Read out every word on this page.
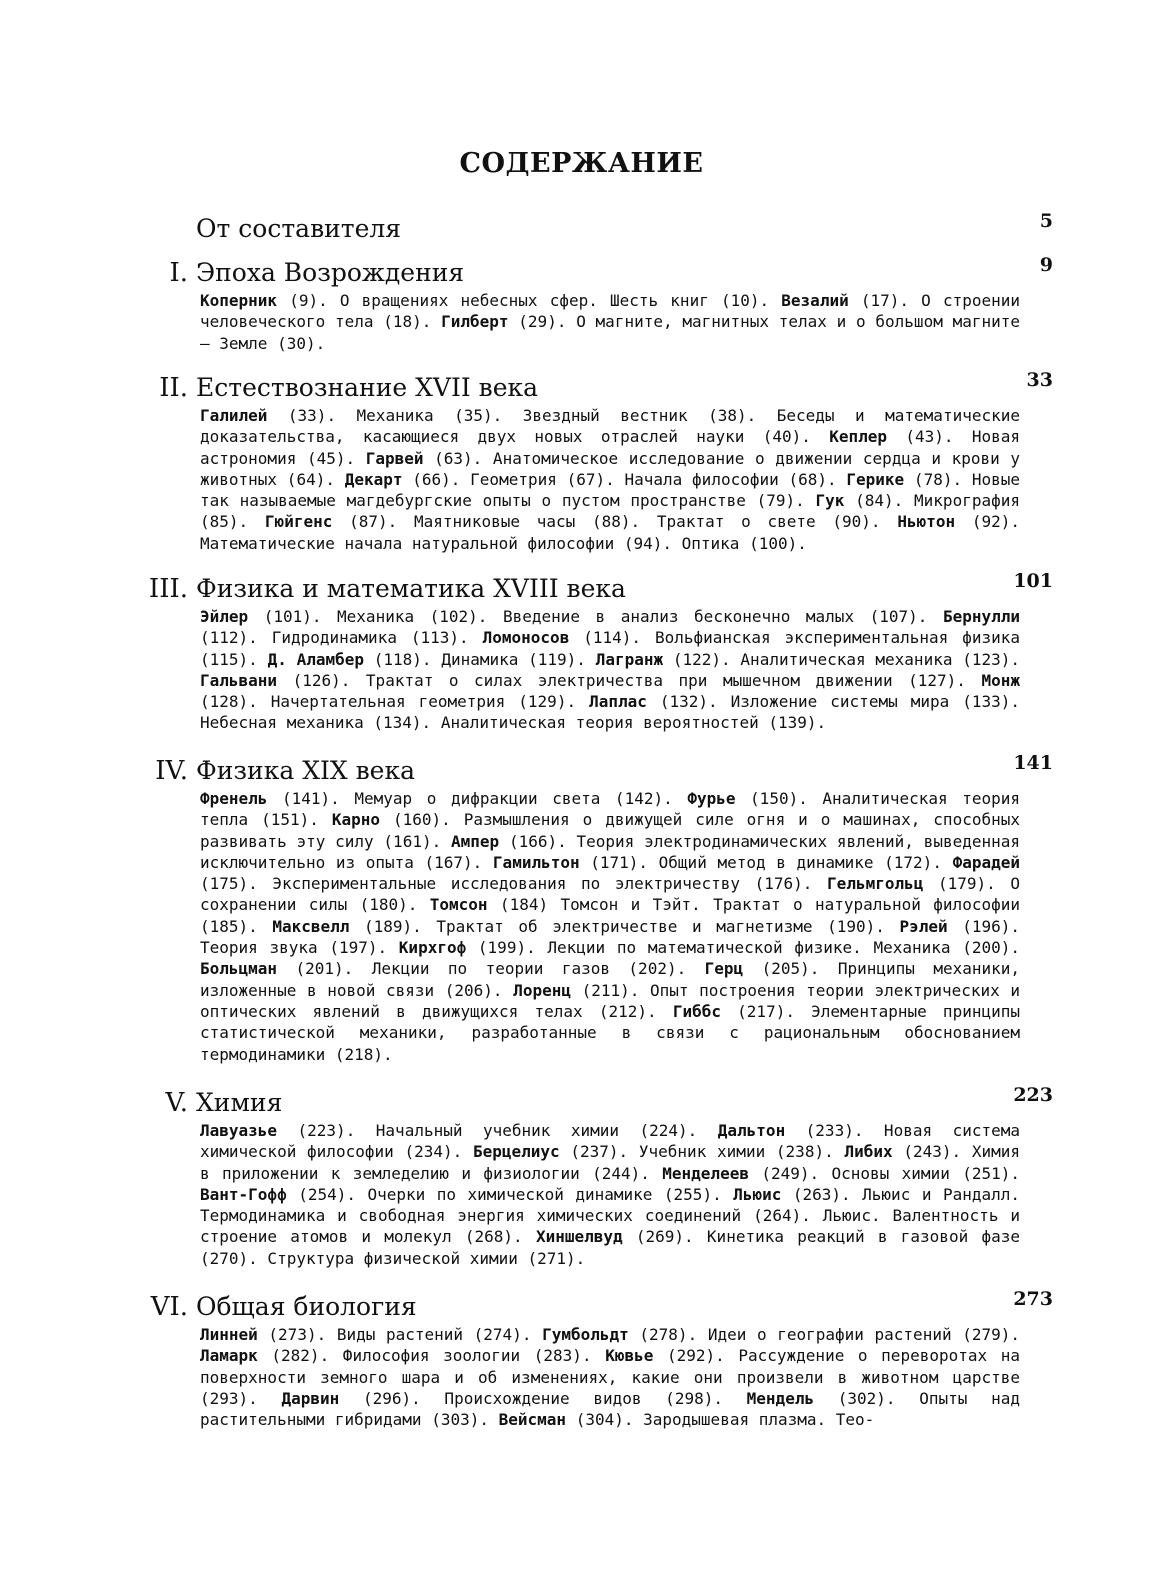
СОДЕРЖАНИЕ
От составителя	5
I. Эпоха Возрождения	9
Коперник (9). О вращениях небесных сфер. Шесть книг (10). Везалий (17). О строении человеческого тела (18). Гилберт (29). О магните, магнитных телах и о большом магните — Земле (30).
II. Естествознание XVII века	33
Галилей (33). Механика (35). Звездный вестник (38). Беседы и математические доказательства, касающиеся двух новых отраслей науки (40). Кеплер (43). Новая астрономия (45). Гарвей (63). Анатомическое исследование о движении сердца и крови у животных (64). Декарт (66). Геометрия (67). Начала философии (68). Герике (78). Новые так называемые магдебургские опыты о пустом пространстве (79). Гук (84). Микрография (85). Гюйгенс (87). Маятниковые часы (88). Трактат о свете (90). Ньютон (92). Математические начала натуральной философии (94). Оптика (100).
III. Физика и математика XVIII века	101
Эйлер (101). Механика (102). Введение в анализ бесконечно малых (107). Бернулли (112). Гидродинамика (113). Ломоносов (114). Вольфианская экспериментальная физика (115). Д. Аламбер (118). Динамика (119). Лагранж (122). Аналитическая механика (123). Гальвани (126). Трактат о силах электричества при мышечном движении (127). Монж (128). Начертательная геометрия (129). Лаплас (132). Изложение системы мира (133). Небесная механика (134). Аналитическая теория вероятностей (139).
IV. Физика XIX века	141
Френель (141). Мемуар о дифракции света (142). Фурье (150). Аналитическая теория тепла (151). Карно (160). Размышления о движущей силе огня и о машинах, способных развивать эту силу (161). Ампер (166). Теория электродинамических явлений, выведенная исключительно из опыта (167). Гамильтон (171). Общий метод в динамике (172). Фарадей (175). Экспериментальные исследования по электричеству (176). Гельмгольц (179). О сохранении силы (180). Томсон (184) Томсон и Тэйт. Трактат о натуральной философии (185). Максвелл (189). Трактат об электричестве и магнетизме (190). Рэлей (196). Теория звука (197). Кирхгоф (199). Лекции по математической физике. Механика (200). Больцман (201). Лекции по теории газов (202). Герц (205). Принципы механики, изложенные в новой связи (206). Лоренц (211). Опыт построения теории электрических и оптических явлений в движущихся телах (212). Гиббс (217). Элементарные принципы статистической механики, разработанные в связи с рациональным обоснованием термодинамики (218).
V. Химия	223
Лавуазье (223). Начальный учебник химии (224). Дальтон (233). Новая система химической философии (234). Берцелиус (237). Учебник химии (238). Либих (243). Химия в приложении к земледелию и физиологии (244). Менделеев (249). Основы химии (251). Вант-Гофф (254). Очерки по химической динамике (255). Льюис (263). Льюис и Рандалл. Термодинамика и свободная энергия химических соединений (264). Льюис. Валентность и строение атомов и молекул (268). Хиншелвуд (269). Кинетика реакций в газовой фазе (270). Структура физической химии (271).
VI. Общая биология	273
Линней (273). Виды растений (274). Гумбольдт (278). Идеи о географии растений (279). Ламарк (282). Философия зоологии (283). Кювье (292). Рассуждение о переворотах на поверхности земного шара и об изменениях, какие они произвели в животном царстве (293). Дарвин (296). Происхождение видов (298). Мендель (302). Опыты над растительными гибридами (303). Вейсман (304). Зародышевая плазма. Тео-
